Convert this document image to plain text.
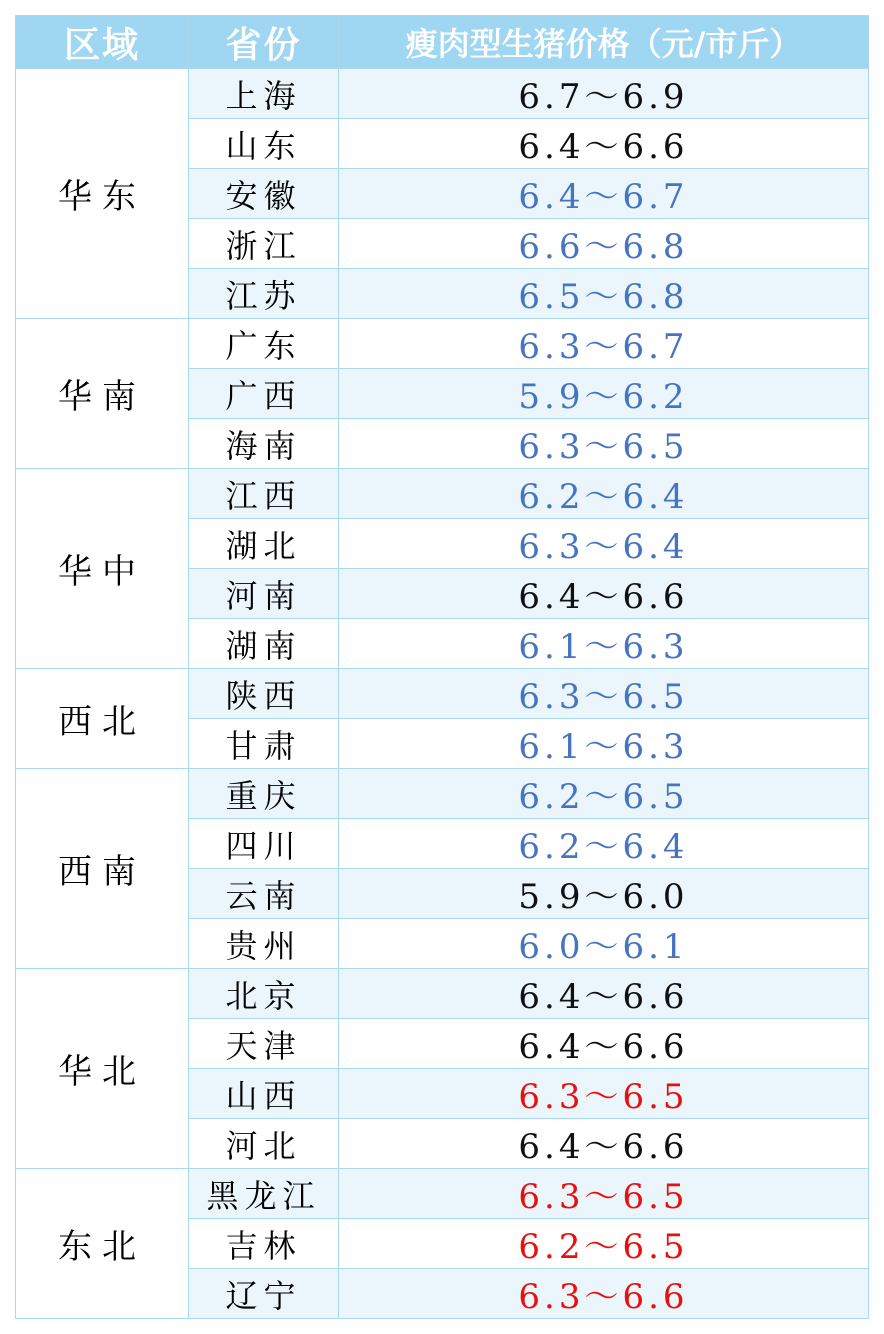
区域	省份	瘦肉型生猪价格（元/市斤）
华东	上海	6.7～6.9
	山东	6.4～6.6
	安徽	6.4～6.7
	浙江	6.6～6.8
	江苏	6.5～6.8
华南	广东	6.3～6.7
	广西	5.9～6.2
	海南	6.3～6.5
华中	江西	6.2～6.4
	湖北	6.3～6.4
	河南	6.4～6.6
	湖南	6.1～6.3
西北	陕西	6.3～6.5
	甘肃	6.1～6.3
西南	重庆	6.2～6.5
	四川	6.2～6.4
	云南	5.9～6.0
	贵州	6.0～6.1
华北	北京	6.4～6.6
	天津	6.4～6.6
	山西	6.3～6.5
	河北	6.4～6.6
东北	黑龙江	6.3～6.5
	吉林	6.2～6.5
	辽宁	6.3～6.6
